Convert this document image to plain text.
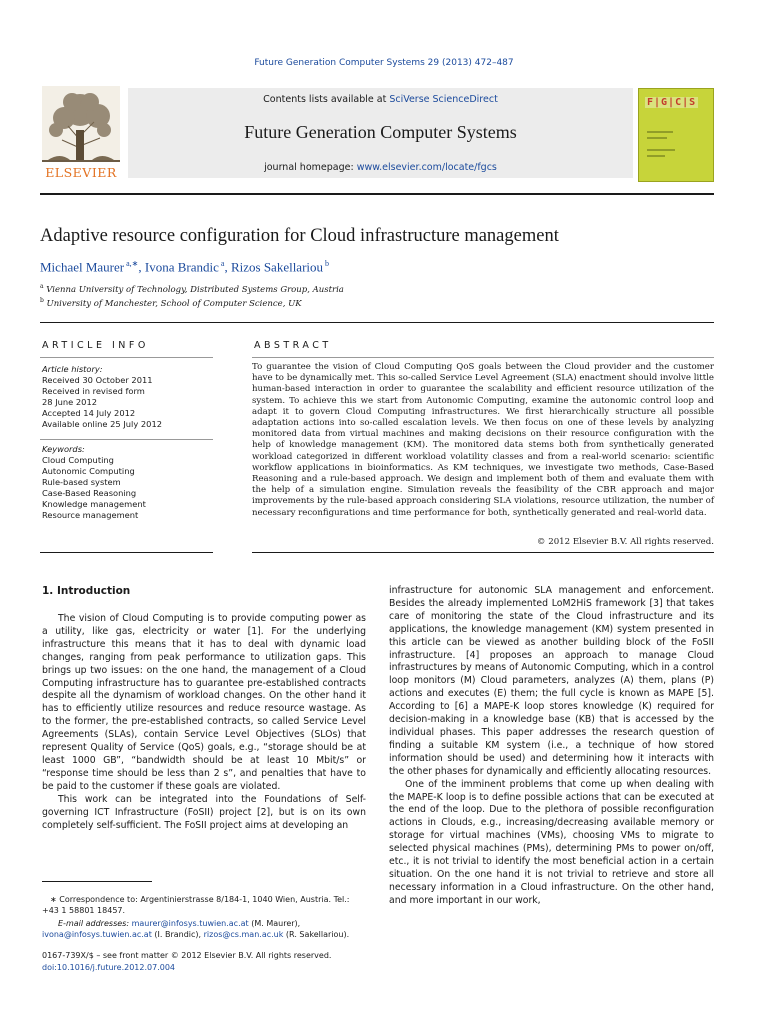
Future Generation Computer Systems 29 (2013) 472–487
ELSEVIER
Contents lists available at SciVerse ScienceDirect
Future Generation Computer Systems
journal homepage: www.elsevier.com/locate/fgcs
F|G|C|S
Adaptive resource configuration for Cloud infrastructure management
Michael Maurer $^{a,∗}$, Ivona Brandic $^a$, Rizos Sakellariou $^b$
$^a$ Vienna University of Technology, Distributed Systems Group, Austria
$^b$ University of Manchester, School of Computer Science, UK
ARTICLE INFO	ABSTRACT
Article history:
Received 30 October 2011
Received in revised form
28 June 2012
Accepted 14 July 2012
Available online 25 July 2012
Keywords:
Cloud Computing
Autonomic Computing
Rule-based system
Case-Based Reasoning
Knowledge management
Resource management
To guarantee the vision of Cloud Computing QoS goals between the Cloud provider and the customer have to be dynamically met. This so-called Service Level Agreement (SLA) enactment should involve little human-based interaction in order to guarantee the scalability and efficient resource utilization of the system. To achieve this we start from Autonomic Computing, examine the autonomic control loop and adapt it to govern Cloud Computing infrastructures. We first hierarchically structure all possible adaptation actions into so-called escalation levels. We then focus on one of these levels by analyzing monitored data from virtual machines and making decisions on their resource configuration with the help of knowledge management (KM). The monitored data stems both from synthetically generated workload categorized in different workload volatility classes and from a real-world scenario: scientific workflow applications in bioinformatics. As KM techniques, we investigate two methods, Case-Based Reasoning and a rule-based approach. We design and implement both of them and evaluate them with the help of a simulation engine. Simulation reveals the feasibility of the CBR approach and major improvements by the rule-based approach considering SLA violations, resource utilization, the number of necessary reconfigurations and time performance for both, synthetically generated and real-world data.
© 2012 Elsevier B.V. All rights reserved.
1. Introduction

The vision of Cloud Computing is to provide computing power as a utility, like gas, electricity or water [1]. For the underlying infrastructure this means that it has to deal with dynamic load changes, ranging from peak performance to utilization gaps. This brings up two issues: on the one hand, the management of a Cloud Computing infrastructure has to guarantee pre-established contracts despite all the dynamism of workload changes. On the other hand it has to efficiently utilize resources and reduce resource wastage. As to the former, the pre-established contracts, so called Service Level Agreements (SLAs), contain Service Level Objectives (SLOs) that represent Quality of Service (QoS) goals, e.g., “storage should be at least 1000 GB”, “bandwidth should be at least 10 Mbit/s” or “response time should be less than 2 s”, and penalties that have to be paid to the customer if these goals are violated.

This work can be integrated into the Foundations of Self-governing ICT Infrastructure (FoSII) project [2], but is on its own completely self-sufficient. The FoSII project aims at developing an

infrastructure for autonomic SLA management and enforcement. Besides the already implemented LoM2HiS framework [3] that takes care of monitoring the state of the Cloud infrastructure and its applications, the knowledge management (KM) system presented in this article can be viewed as another building block of the FoSII infrastructure. [4] proposes an approach to manage Cloud infrastructures by means of Autonomic Computing, which in a control loop monitors (M) Cloud parameters, analyzes (A) them, plans (P) actions and executes (E) them; the full cycle is known as MAPE [5]. According to [6] a MAPE-K loop stores knowledge (K) required for decision-making in a knowledge base (KB) that is accessed by the individual phases. This paper addresses the research question of finding a suitable KM system (i.e., a technique of how stored information should be used) and determining how it interacts with the other phases for dynamically and efficiently allocating resources.

One of the imminent problems that come up when dealing with the MAPE-K loop is to define possible actions that can be executed at the end of the loop. Due to the plethora of possible reconfiguration actions in Clouds, e.g., increasing/decreasing available memory or storage for virtual machines (VMs), choosing VMs to migrate to selected physical machines (PMs), determining PMs to power on/off, etc., it is not trivial to identify the most beneficial action in a certain situation. On the one hand it is not trivial to retrieve and store all necessary information in a Cloud infrastructure. On the other hand, and more important in our work,

∗ Correspondence to: Argentinierstrasse 8/184-1, 1040 Wien, Austria. Tel.: +43 1 58801 18457.
E-mail addresses: maurer@infosys.tuwien.ac.at (M. Maurer),
ivona@infosys.tuwien.ac.at (I. Brandic), rizos@cs.man.ac.uk (R. Sakellariou).
0167-739X/$ – see front matter © 2012 Elsevier B.V. All rights reserved.
doi:10.1016/j.future.2012.07.004
